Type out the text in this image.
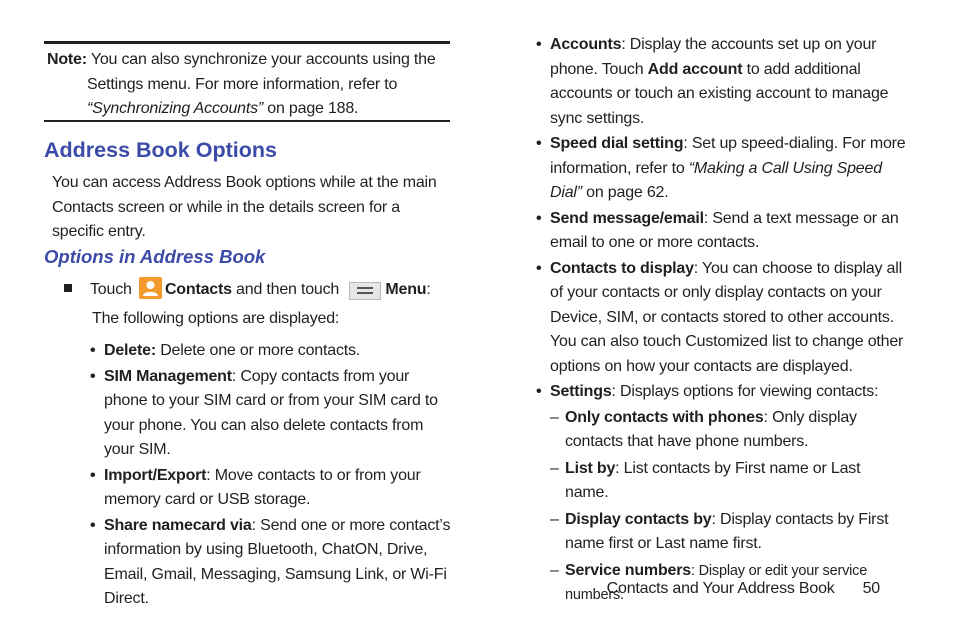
Note: You can also synchronize your accounts using the Settings menu. For more information, refer to “Synchronizing Accounts” on page 188.
Address Book Options
You can access Address Book options while at the main Contacts screen or while in the details screen for a specific entry.
Options in Address Book
Touch
Contacts and then touch	Menu:
The following options are displayed:
• Delete: Delete one or more contacts.
• SIM Management: Copy contacts from your phone to your SIM card or from your SIM card to your phone. You can also delete contacts from your SIM.
• Import/Export: Move contacts to or from your memory card or USB storage.
• Share namecard via: Send one or more contact’s information by using Bluetooth, ChatON, Drive, Email, Gmail, Messaging, Samsung Link, or Wi-Fi Direct.
• Accounts: Display the accounts set up on your phone. Touch Add account to add additional accounts or touch an existing account to manage sync settings.
• Speed dial setting: Set up speed-dialing. For more information, refer to “Making a Call Using Speed Dial” on page 62.
• Send message/email: Send a text message or an email to one or more contacts.
• Contacts to display: You can choose to display all of your contacts or only display contacts on your Device, SIM, or contacts stored to other accounts. You can also touch Customized list to change other options on how your contacts are displayed.
• Settings: Displays options for viewing contacts:
– Only contacts with phones: Only display contacts that have phone numbers.
– List by: List contacts by First name or Last name.
– Display contacts by: Display contacts by First name first or Last name first.
– Service numbers: Display or edit your service numbers.
Contacts and Your Address Book 50
